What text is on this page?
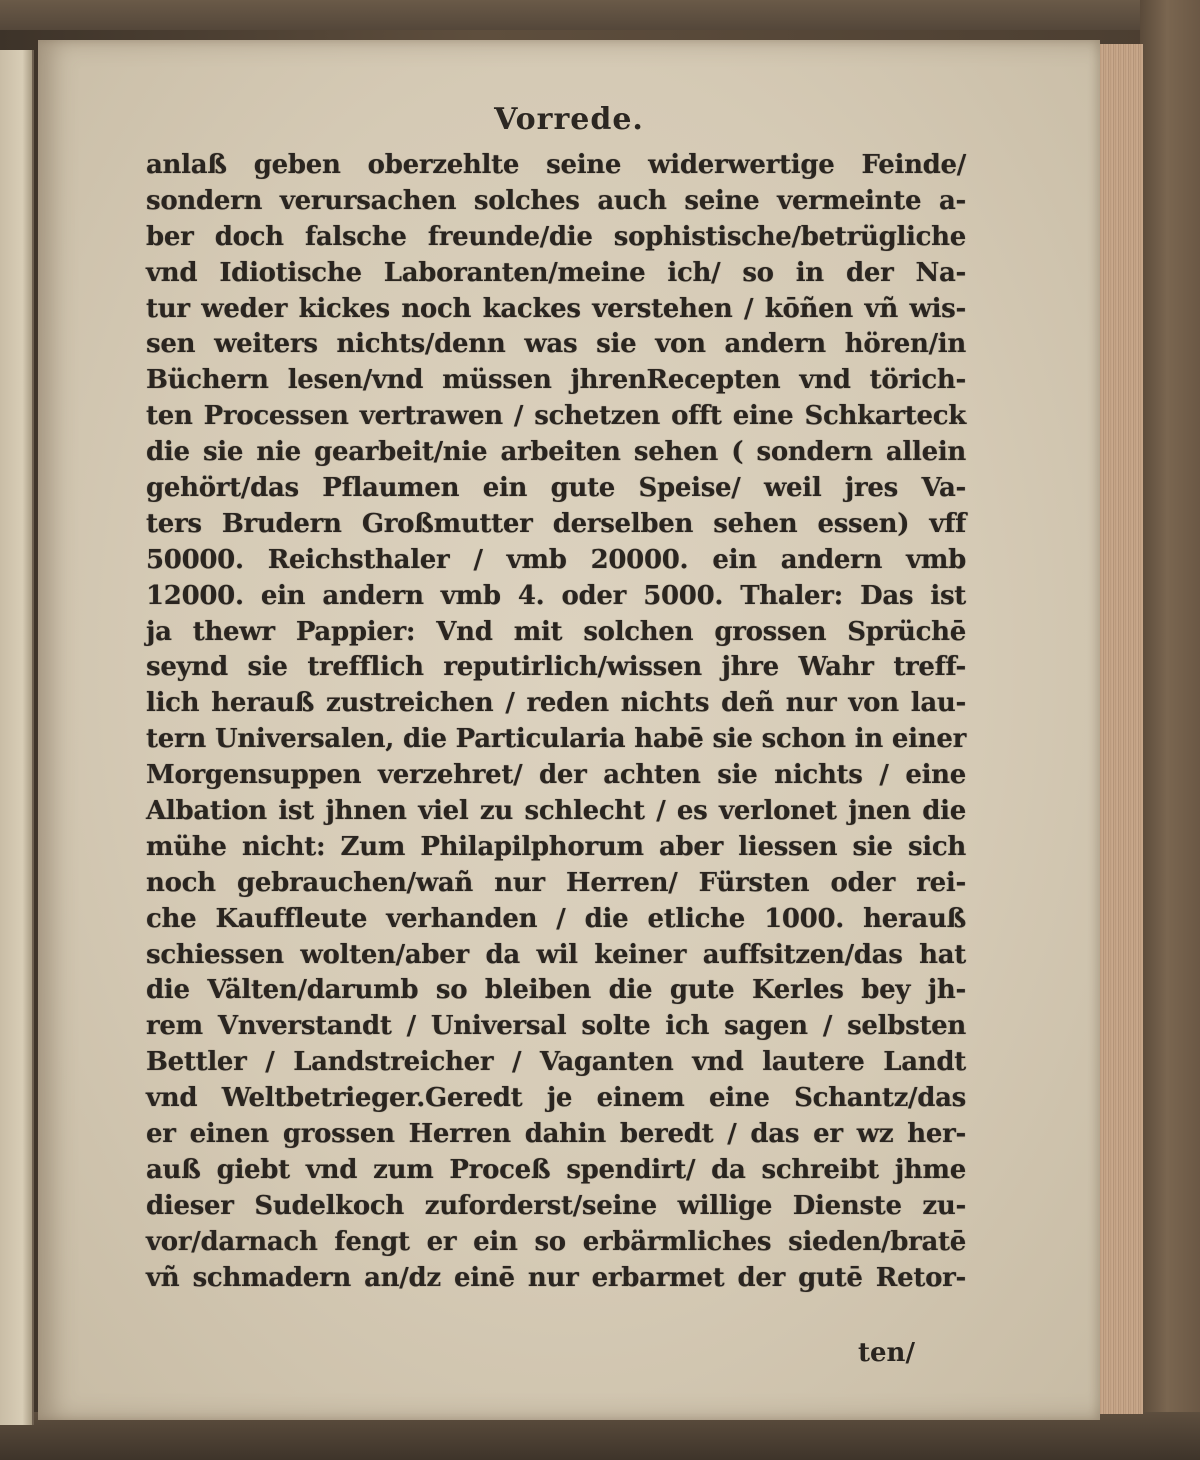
Vorrede.
anlaß geben oberzehlte seine widerwertige Feinde/
sondern verursachen solches auch seine vermeinte a-
ber doch falsche freunde/die sophistische/betrügliche
vnd Idiotische Laboranten/meine ich/ so in der Na-
tur weder kickes noch kackes verstehen / kōñen vñ wis-
sen weiters nichts/denn was sie von andern hören/in
Büchern lesen/vnd müssen jhrenRecepten vnd törich-
ten Processen vertrawen / schetzen offt eine Schkarteck
die sie nie gearbeit/nie arbeiten sehen ( sondern allein
gehört/das Pflaumen ein gute Speise/ weil jres Va-
ters Brudern Großmutter derselben sehen essen) vff
50000. Reichsthaler / vmb 20000. ein andern vmb
12000. ein andern vmb 4. oder 5000. Thaler: Das ist
ja thewr Pappier: Vnd mit solchen grossen Sprüchē
seynd sie trefflich reputirlich/wissen jhre Wahr treff-
lich herauß zustreichen / reden nichts deñ nur von lau-
tern Universalen, die Particularia habē sie schon in einer
Morgensuppen verzehret/ der achten sie nichts / eine
Albation ist jhnen viel zu schlecht / es verlonet jnen die
mühe nicht: Zum Philapilphorum aber liessen sie sich
noch gebrauchen/wañ nur Herren/ Fürsten oder rei-
che Kauffleute verhanden / die etliche 1000. herauß
schiessen wolten/aber da wil keiner auffsitzen/das hat
die Välten/darumb so bleiben die gute Kerles bey jh-
rem Vnverstandt / Universal solte ich sagen / selbsten
Bettler / Landstreicher / Vaganten vnd lautere Landt
vnd Weltbetrieger.Geredt je einem eine Schantz/das
er einen grossen Herren dahin beredt / das er wz her-
auß giebt vnd zum Proceß spendirt/ da schreibt jhme
dieser Sudelkoch zuforderst/seine willige Dienste zu-
vor/darnach fengt er ein so erbärmliches sieden/bratē
vñ schmadern an/dz einē nur erbarmet der gutē Retor-
ten/
